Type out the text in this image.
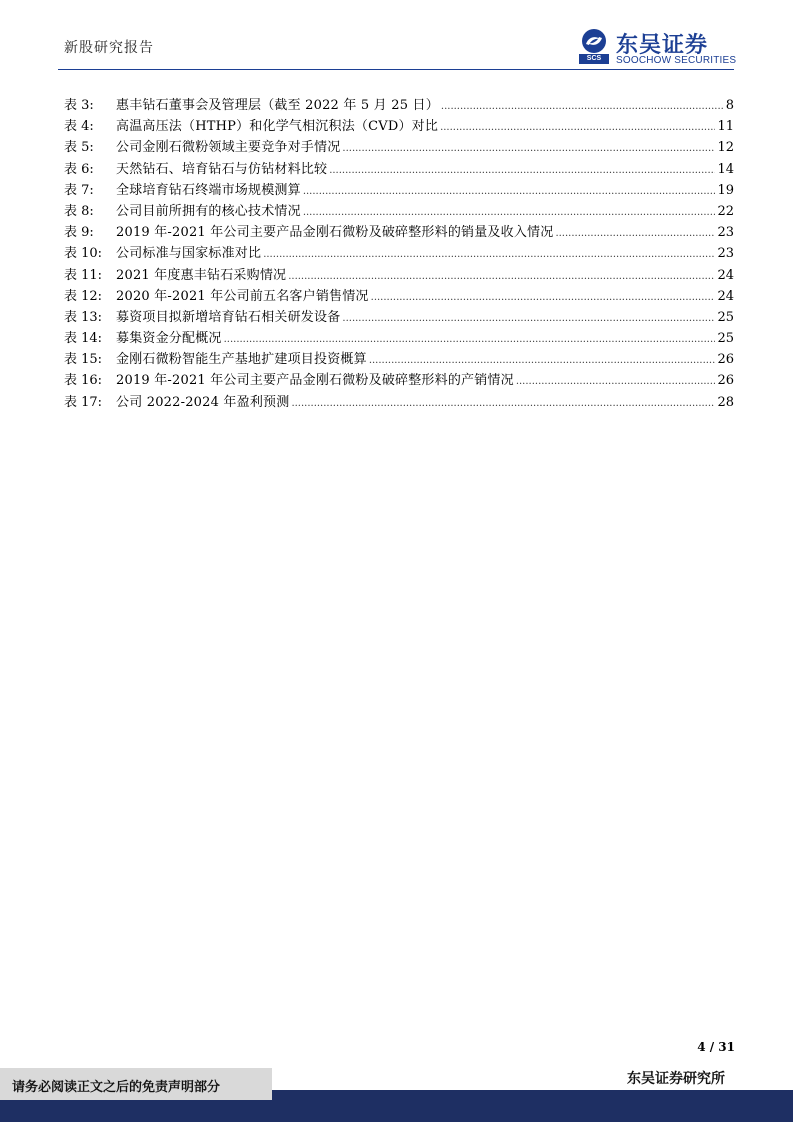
新股研究报告
SCS
东吴证券
SOOCHOW SECURITIES
表 3:	惠丰钻石董事会及管理层（截至 2022 年 5 月 25 日） .....	8
表 4:	高温高压法（HTHP）和化学气相沉积法（CVD）对比 .....	11
表 5:	公司金刚石微粉领域主要竞争对手情况 .....	12
表 6:	天然钻石、培育钻石与仿钻材料比较 .....	14
表 7:	全球培育钻石终端市场规模测算 .....	19
表 8:	公司目前所拥有的核心技术情况 .....	22
表 9:	2019 年-2021 年公司主要产品金刚石微粉及破碎整形料的销量及收入情况 .....	23
表 10:	公司标准与国家标准对比 .....	23
表 11:	2021 年度惠丰钻石采购情况 .....	24
表 12:	2020 年-2021 年公司前五名客户销售情况 .....	24
表 13:	募资项目拟新增培育钻石相关研发设备 .....	25
表 14:	募集资金分配概况 .....	25
表 15:	金刚石微粉智能生产基地扩建项目投资概算 .....	26
表 16:	2019 年-2021 年公司主要产品金刚石微粉及破碎整形料的产销情况 .....	26
表 17:	公司 2022-2024 年盈利预测 .....	28
4 / 31
请务必阅读正文之后的免责声明部分
东吴证券研究所
